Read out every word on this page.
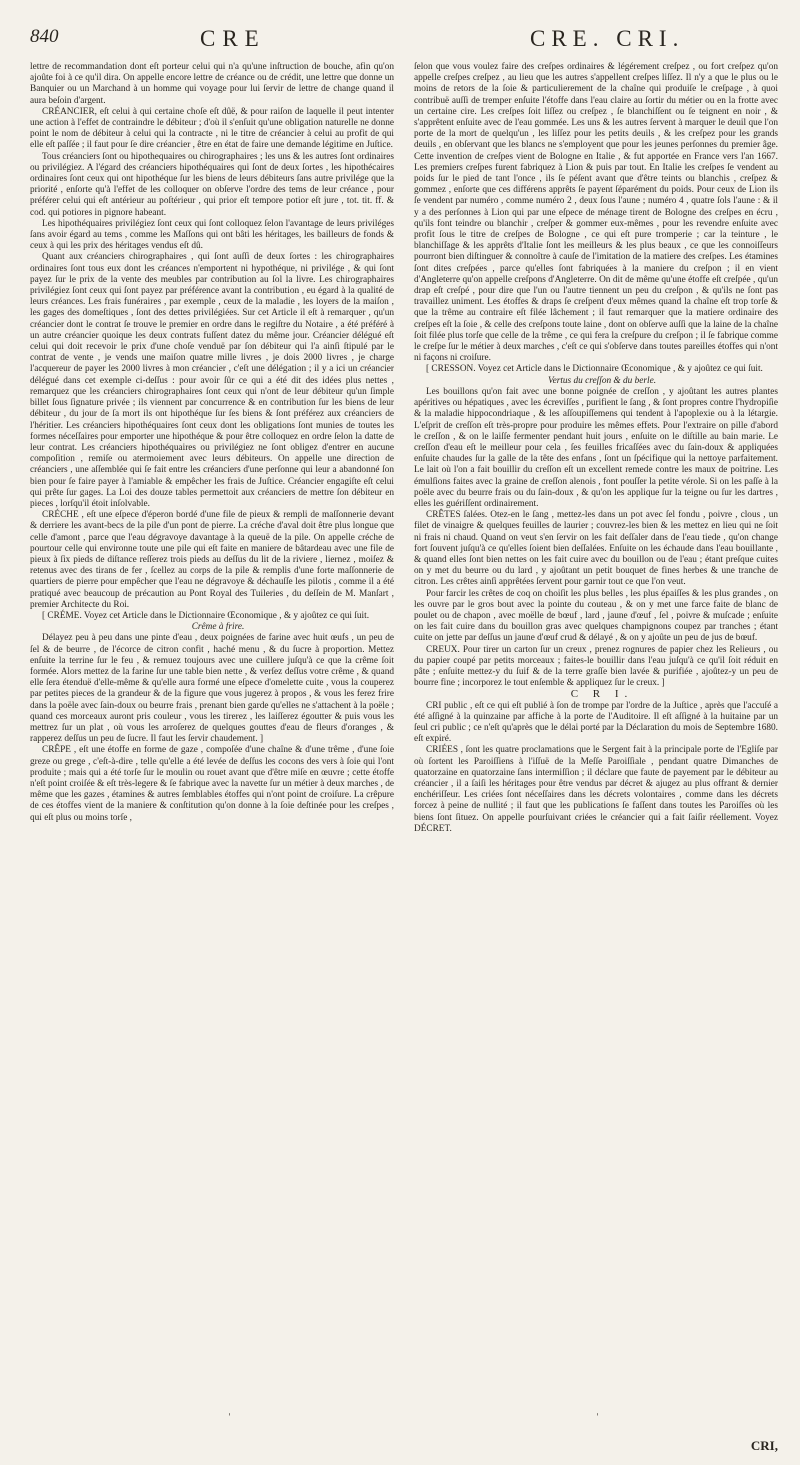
840	CRE	CRE. CRI.

lettre de recommandation dont eſt porteur celui qui n'a qu'une inſtruction de bouche, afin qu'on ajoûte foi à ce qu'il dira. On appelle encore lettre de créance ou de crédit, une lettre que donne un Banquier ou un Marchand à un homme qui voyage pour lui ſervir de lettre de change quand il aura beſoin d'argent.

CRÉANCIER, eſt celui à qui certaine choſe eſt dûë, & pour raiſon de laquelle il peut intenter une action à l'effet de contraindre le débiteur ; d'où il s'enſuit qu'une obligation naturelle ne donne point le nom de débiteur à celui qui la contracte , ni le titre de créancier à celui au profit de qui elle eſt paſſée ; il faut pour ſe dire créancier , être en état de faire une demande légitime en Juſtice.

Tous créanciers ſont ou hipothequaires ou chirographaires ; les uns & les autres ſont ordinaires ou privilégiez. A l'égard des créanciers hipothéquaires qui ſont de deux ſortes , les hipothécaires ordinaires ſont ceux qui ont hipothéque ſur les biens de leurs débiteurs ſans autre privilége que la priorité , enſorte qu'à l'effet de les colloquer on obſerve l'ordre des tems de leur créance , pour préférer celui qui eſt antérieur au poſtérieur , qui prior eſt tempore potior eſt jure , tot. tit. ff. & cod. qui potiores in pignore habeant.

Les hipothéquaires privilégiez ſont ceux qui ſont colloquez ſelon l'avantage de leurs priviléges ſans avoir égard au tems , comme les Maſſons qui ont bâti les héritages, les bailleurs de fonds & ceux à qui les prix des héritages vendus eſt dû.

Quant aux créanciers chirographaires , qui ſont auſſi de deux ſortes : les chirographaires ordinaires ſont tous eux dont les créances n'emportent ni hypothéque, ni privilége , & qui ſont payez ſur le prix de la vente des meubles par contribution au ſol la livre. Les chirographaires privilégiez ſont ceux qui ſont payez par préférence avant la contribution , eu égard à la qualité de leurs créances. Les frais funéraires , par exemple , ceux de la maladie , les loyers de la maiſon , les gages des domeſtiques , ſont des dettes privilégiées. Sur cet Article il eſt à remarquer , qu'un créancier dont le contrat ſe trouve le premier en ordre dans le regiſtre du Notaire , a été préféré à un autre créancier quoique les deux contrats fuſſent datez du même jour. Créancier délégué eſt celui qui doit recevoir le prix d'une choſe venduë par ſon débiteur qui l'a ainſi ſtipulé par le contrat de vente , je vends une maiſon quatre mille livres , je dois 2000 livres , je charge l'acquereur de payer les 2000 livres à mon créancier , c'eſt une délégation ; il y a ici un créancier délégué dans cet exemple ci-deſſus : pour avoir ſûr ce qui a été dit des idées plus nettes , remarquez que les créanciers chirographaires ſont ceux qui n'ont de leur débiteur qu'un ſimple billet ſous ſignature privée ; ils viennent par concurrence & en contribution ſur les biens de leur débiteur , du jour de ſa mort ils ont hipothéque ſur ſes biens & ſont préférez aux créanciers de l'héritier. Les créanciers hipothéquaires ſont ceux dont les obligations ſont munies de toutes les formes néceſſaires pour emporter une hipothéque & pour être colloquez en ordre ſelon la datte de leur contrat. Les créanciers hipothéquaires ou privilégiez ne ſont obligez d'entrer en aucune compoſition , remiſe ou atermoiement avec leurs débiteurs. On appelle une direction de créanciers , une aſſemblée qui ſe fait entre les créanciers d'une perſonne qui leur a abandonné ſon bien pour ſe faire payer à l'amiable & empêcher les frais de Juſtice. Créancier engagiſte eſt celui qui prête ſur gages. La Loi des douze tables permettoit aux créanciers de mettre ſon débiteur en pieces , lorſqu'il étoit inſolvable.

CRÉCHE , eſt une eſpece d'éperon bordé d'une file de pieux & rempli de maſſonnerie devant & derriere les avant-becs de la pile d'un pont de pierre. La créche d'aval doit être plus longue que celle d'amont , parce que l'eau dégravoye davantage à la queuë de la pile. On appelle créche de pourtour celle qui environne toute une pile qui eſt faite en maniere de bâtardeau avec une file de pieux à ſix pieds de diſtance reſſerez trois pieds au deſſus du lit de la riviere , liernez , moiſez & retenus avec des tirans de fer , ſcellez au corps de la pile & remplis d'une forte maſſonnerie de quartiers de pierre pour empêcher que l'eau ne dégravoye & déchauſſe les pilotis , comme il a été pratiqué avec beaucoup de précaution au Pont Royal des Tuileries , du deſſein de M. Manſart , premier Architecte du Roi.

[ CRÉME. Voyez cet Article dans le Dictionnaire Œconomique , & y ajoûtez ce qui ſuit.

Crême à frire.

Délayez peu à peu dans une pinte d'eau , deux poignées de farine avec huit œufs , un peu de ſel & de beurre , de l'écorce de citron confit , haché menu , & du ſucre à proportion. Mettez enſuite la terrine ſur le feu , & remuez toujours avec une cuillere juſqu'à ce que la crême ſoit formée. Alors mettez de la farine ſur une table bien nette , & verſez deſſus votre crême , & quand elle ſera étenduë d'elle-même & qu'elle aura formé une eſpece d'omelette cuite , vous la couperez par petites pieces de la grandeur & de la figure que vous jugerez à propos , & vous les ferez frire dans la poële avec ſain-doux ou beurre frais , prenant bien garde qu'elles ne s'attachent à la poële ; quand ces morceaux auront pris couleur , vous les tirerez , les laiſſerez égoutter & puis vous les mettrez ſur un plat , où vous les arroſerez de quelques gouttes d'eau de fleurs d'oranges , & rapperez deſſus un peu de ſucre. Il faut les ſervir chaudement. ]

CRÊPE , eſt une étoffe en forme de gaze , compoſée d'une chaîne & d'une trême , d'une ſoie greze ou grege , c'eſt-à-dire , telle qu'elle a été levée de deſſus les cocons des vers à ſoie qui l'ont produite ; mais qui a été torſe ſur le moulin ou rouet avant que d'être miſe en œuvre ; cette étoffe n'eſt point croiſée & eſt très-legere & ſe fabrique avec la navette ſur un métier à deux marches , de même que les gazes , étamines & autres ſemblables étoffes qui n'ont point de croiſure. La crêpure de ces étoffes vient de la maniere & conſtitution qu'on donne à la ſoie deſtinée pour les creſpes , qui eſt plus ou moins torſe ,

ſelon que vous voulez faire des creſpes ordinaires & légérement creſpez , ou fort creſpez qu'on appelle creſpes creſpez , au lieu que les autres s'appellent creſpes liſſez. Il n'y a que le plus ou le moins de retors de la ſoie & particulierement de la chaîne qui produiſe le creſpage , à quoi contribuë auſſi de tremper enſuite l'étoffe dans l'eau claire au ſortir du métier ou en la frotte avec un certaine cire. Les creſpes ſoit liſſez ou creſpez , ſe blanchiſſent ou ſe teignent en noir , & s'apprêtent enſuite avec de l'eau gommée. Les uns & les autres ſervent à marquer le deuil que l'on porte de la mort de quelqu'un , les liſſez pour les petits deuils , & les creſpez pour les grands deuils , en obſervant que les blancs ne s'employent que pour les jeunes perſonnes du premier âge. Cette invention de creſpes vient de Bologne en Italie , & fut apportée en France vers l'an 1667. Les premiers creſpes furent fabriquez à Lion & puis par tout. En Italie les creſpes ſe vendent au poids ſur le pied de tant l'once , ils ſe péſent avant que d'être teints ou blanchis , creſpez & gommez , enſorte que ces différens apprêts ſe payent ſéparément du poids. Pour ceux de Lion ils ſe vendent par numéro , comme numéro 2 , deux ſous l'aune ; numéro 4 , quatre ſols l'aune : & il y a des perſonnes à Lion qui par une eſpece de ménage tirent de Bologne des creſpes en écru , qu'ils font teindre ou blanchir , creſper & gommer eux-mêmes , pour les revendre enſuite avec profit ſous le titre de creſpes de Bologne , ce qui eſt pure tromperie ; car la teinture , le blanchiſſage & les apprêts d'Italie ſont les meilleurs & les plus beaux , ce que les connoiſſeurs pourront bien diſtinguer & connoître à cauſe de l'imitation de la matiere des creſpes. Les étamines ſont dites creſpées , parce qu'elles ſont fabriquées à la maniere du creſpon ; il en vient d'Angleterre qu'on appelle creſpons d'Angleterre. On dit de même qu'une étoffe eſt creſpée , qu'un drap eſt creſpé , pour dire que l'un ou l'autre tiennent un peu du creſpon , & qu'ils ne ſont pas travaillez uniment. Les étoffes & draps ſe creſpent d'eux mêmes quand la chaîne eſt trop torſe & que la trême au contraire eſt filée lâchement ; il faut remarquer que la matiere ordinaire des creſpes eſt la ſoie , & celle des creſpons toute laine , dont on obſerve auſſi que la laine de la chaîne ſoit filée plus torſe que celle de la trême , ce qui fera la creſpure du creſpon ; il ſe fabrique comme le creſpe ſur le métier à deux marches , c'eſt ce qui s'obſerve dans toutes pareilles étoffes qui n'ont ni façons ni croiſure.

[ CRESSON. Voyez cet Article dans le Dictionnaire Œconomique , & y ajoûtez ce qui ſuit.

Vertus du creſſon & du berle.

Les bouillons qu'on fait avec une bonne poignée de creſſon , y ajoûtant les autres plantes apéritives ou hépatiques , avec les écreviſſes , purifient le ſang , & ſont propres contre l'hydropiſie & la maladie hippocondriaque , & les aſſoupiſſemens qui tendent à l'apoplexie ou à la létargie. L'eſprit de creſſon eſt très-propre pour produire les mêmes effets. Pour l'extraire on pille d'abord le creſſon , & on le laiſſe fermenter pendant huit jours , enſuite on le diſtille au bain marie. Le creſſon d'eau eſt le meilleur pour cela , ſes feuilles fricaſſées avec du ſain-doux & appliquées enſuite chaudes ſur la galle de la tête des enfans , ſont un ſpécifique qui la nettoye parfaitement. Le lait où l'on a fait bouillir du creſſon eſt un excellent remede contre les maux de poitrine. Les émulſions faites avec la graine de creſſon alenois , font pouſſer la petite vérole. Si on les paſſe à la poële avec du beurre frais ou du ſain-doux , & qu'on les applique ſur la teigne ou ſur les dartres , elles les guériſſent ordinairement.

CRÊTES ſalées. Otez-en le ſang , mettez-les dans un pot avec ſel fondu , poivre , clous , un filet de vinaigre & quelques feuilles de laurier ; couvrez-les bien & les mettez en lieu qui ne ſoit ni frais ni chaud. Quand on veut s'en ſervir on les fait deſſaler dans de l'eau tiede , qu'on change fort ſouvent juſqu'à ce qu'elles ſoient bien deſſalées. Enſuite on les échaude dans l'eau bouillante , & quand elles ſont bien nettes on les fait cuire avec du bouillon ou de l'eau ; étant preſque cuites on y met du beurre ou du lard , y ajoûtant un petit bouquet de fines herbes & une tranche de citron. Les crêtes ainſi apprêtées ſervent pour garnir tout ce que l'on veut.

Pour farcir les crêtes de coq on choiſit les plus belles , les plus épaiſſes & les plus grandes , on les ouvre par le gros bout avec la pointe du couteau , & on y met une farce faite de blanc de poulet ou de chapon , avec moëlle de bœuf , lard , jaune d'œuf , ſel , poivre & muſcade ; enſuite on les fait cuire dans du bouillon gras avec quelques champignons coupez par tranches ; étant cuite on jette par deſſus un jaune d'œuf crud & délayé , & on y ajoûte un peu de jus de bœuf.

CREUX. Pour tirer un carton ſur un creux , prenez rognures de papier chez les Relieurs , ou du papier coupé par petits morceaux ; faites-le bouillir dans l'eau juſqu'à ce qu'il ſoit réduit en pâte ; enſuite mettez-y du ſuif & de la terre graſſe bien lavée & purifiée , ajoûtez-y un peu de bourre fine ; incorporez le tout enſemble & appliquez ſur le creux. ]

C R I.

CRI public , eſt ce qui eſt publié à ſon de trompe par l'ordre de la Juſtice , après que l'accuſé a été aſſigné à la quinzaine par affiche à la porte de l'Auditoire. Il eſt aſſigné à la huitaine par un ſeul cri public ; ce n'eſt qu'après que le délai porté par la Déclaration du mois de Septembre 1680. eſt expiré.

CRIÉES , ſont les quatre proclamations que le Sergent fait à la principale porte de l'Egliſe par où ſortent les Paroiſſiens à l'iſſuë de la Meſſe Paroiſſiale , pendant quatre Dimanches de quatorzaine en quatorzaine ſans intermiſſion ; il déclare que faute de payement par le débiteur au créancier , il a ſaiſi les héritages pour être vendus par décret & ajugez au plus offrant & dernier enchériſſeur. Les criées ſont néceſſaires dans les décrets volontaires , comme dans les décrets forcez à peine de nullité ; il faut que les publications ſe faſſent dans toutes les Paroiſſes où les biens ſont ſituez. On appelle pourſuivant criées le créancier qui a fait ſaiſir réellement. Voyez DÉCRET.

ˌ	ˌ
CRI,
